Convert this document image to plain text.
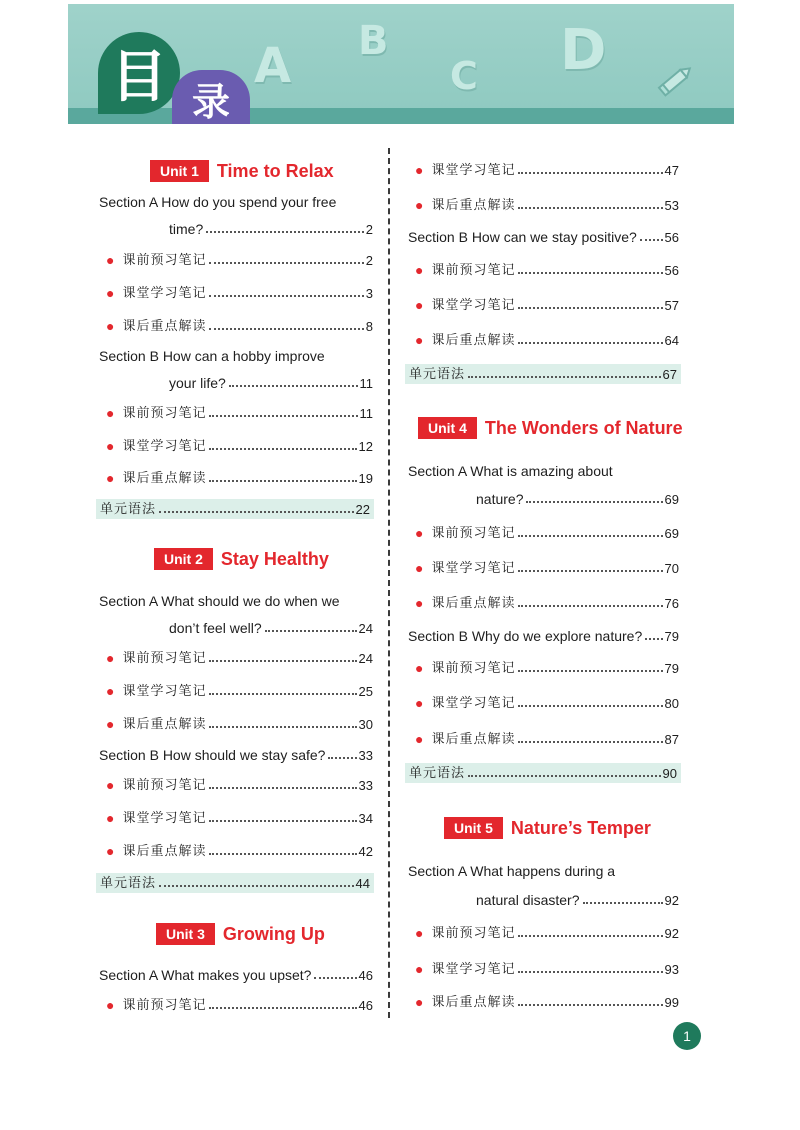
A B
C D
目 录
Unit 1	Time to Relax
Section A How do you spend your free
time?	2
● 课前预习笔记	2
● 课堂学习笔记	3
● 课后重点解读	8
Section B How can a hobby improve
your life?	11
● 课前预习笔记	11
● 课堂学习笔记	12
● 课后重点解读	19
单元语法	22
Unit 2	Stay Healthy
Section A What should we do when we
don’t feel well?	24
● 课前预习笔记	24
● 课堂学习笔记	25
● 课后重点解读	30
Section B How should we stay safe?	33
● 课前预习笔记	33
● 课堂学习笔记	34
● 课后重点解读	42
单元语法	44
Unit 3	Growing Up
Section A What makes you upset?	46
● 课前预习笔记	46
● 课堂学习笔记	47
● 课后重点解读	53
Section B How can we stay positive? 56
● 课前预习笔记	56
● 课堂学习笔记	57
● 课后重点解读	64
单元语法	67
Unit 4	The Wonders of Nature
Section A What is amazing about
nature?	69
● 课前预习笔记	69
● 课堂学习笔记	70
● 课后重点解读	76
Section B Why do we explore nature? 79
● 课前预习笔记	79
● 课堂学习笔记	80
● 课后重点解读	87
单元语法	90
Unit 5	Nature’s Temper
Section A What happens during a
natural disaster?	92
● 课前预习笔记	92
● 课堂学习笔记	93
● 课后重点解读	99
1
